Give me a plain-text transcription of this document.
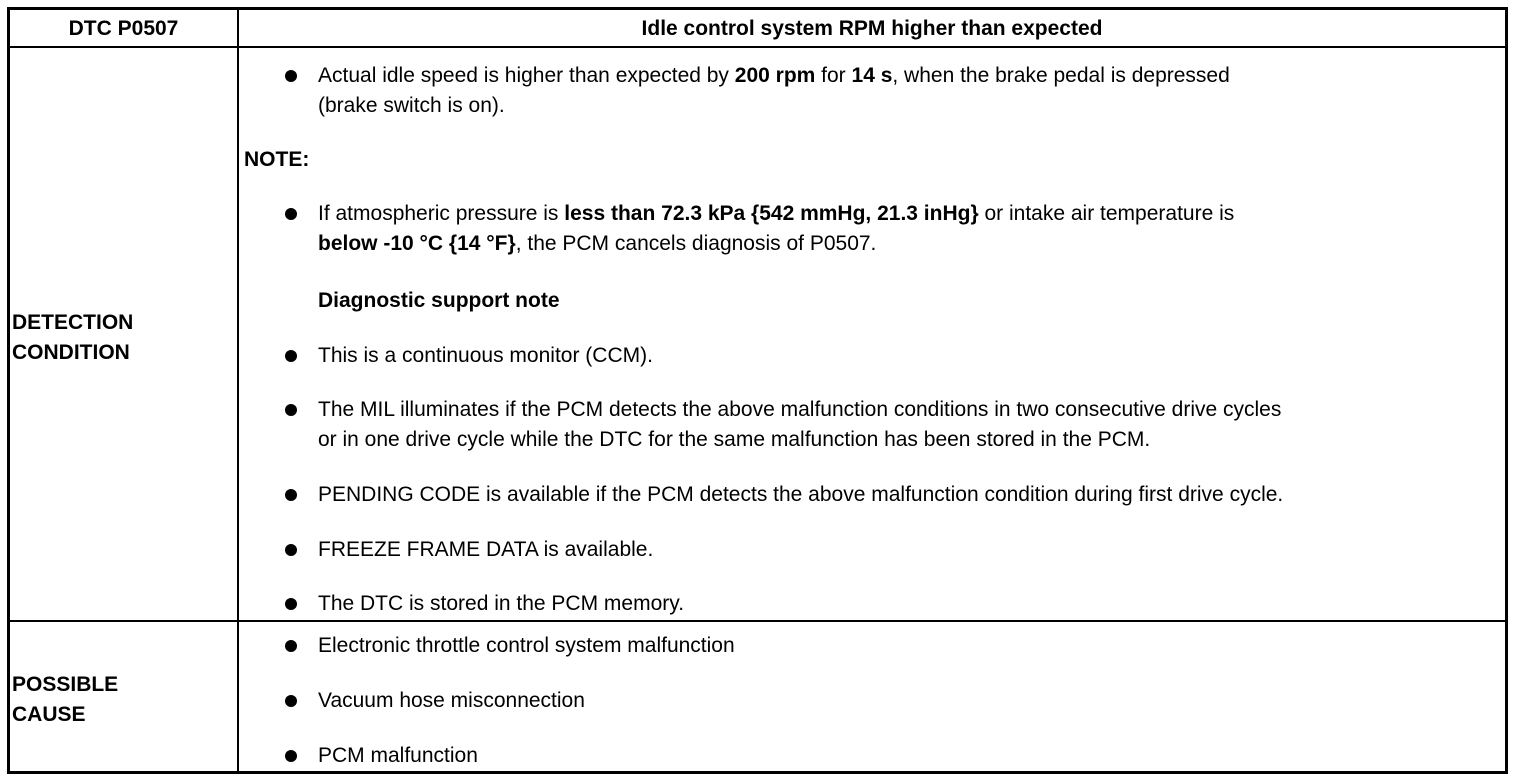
DTC P0507	Idle control system RPM higher than expected
DETECTION
CONDITION
Actual idle speed is higher than expected by 200 rpm for 14 s, when the brake pedal is depressed
(brake switch is on).
NOTE:
If atmospheric pressure is less than 72.3 kPa {542 mmHg, 21.3 inHg} or intake air temperature is
below -10 °C {14 °F}, the PCM cancels diagnosis of P0507.
Diagnostic support note
This is a continuous monitor (CCM).
The MIL illuminates if the PCM detects the above malfunction conditions in two consecutive drive cycles
or in one drive cycle while the DTC for the same malfunction has been stored in the PCM.
PENDING CODE is available if the PCM detects the above malfunction condition during first drive cycle.
FREEZE FRAME DATA is available.
The DTC is stored in the PCM memory.
POSSIBLE
CAUSE
Electronic throttle control system malfunction
Vacuum hose misconnection
PCM malfunction
